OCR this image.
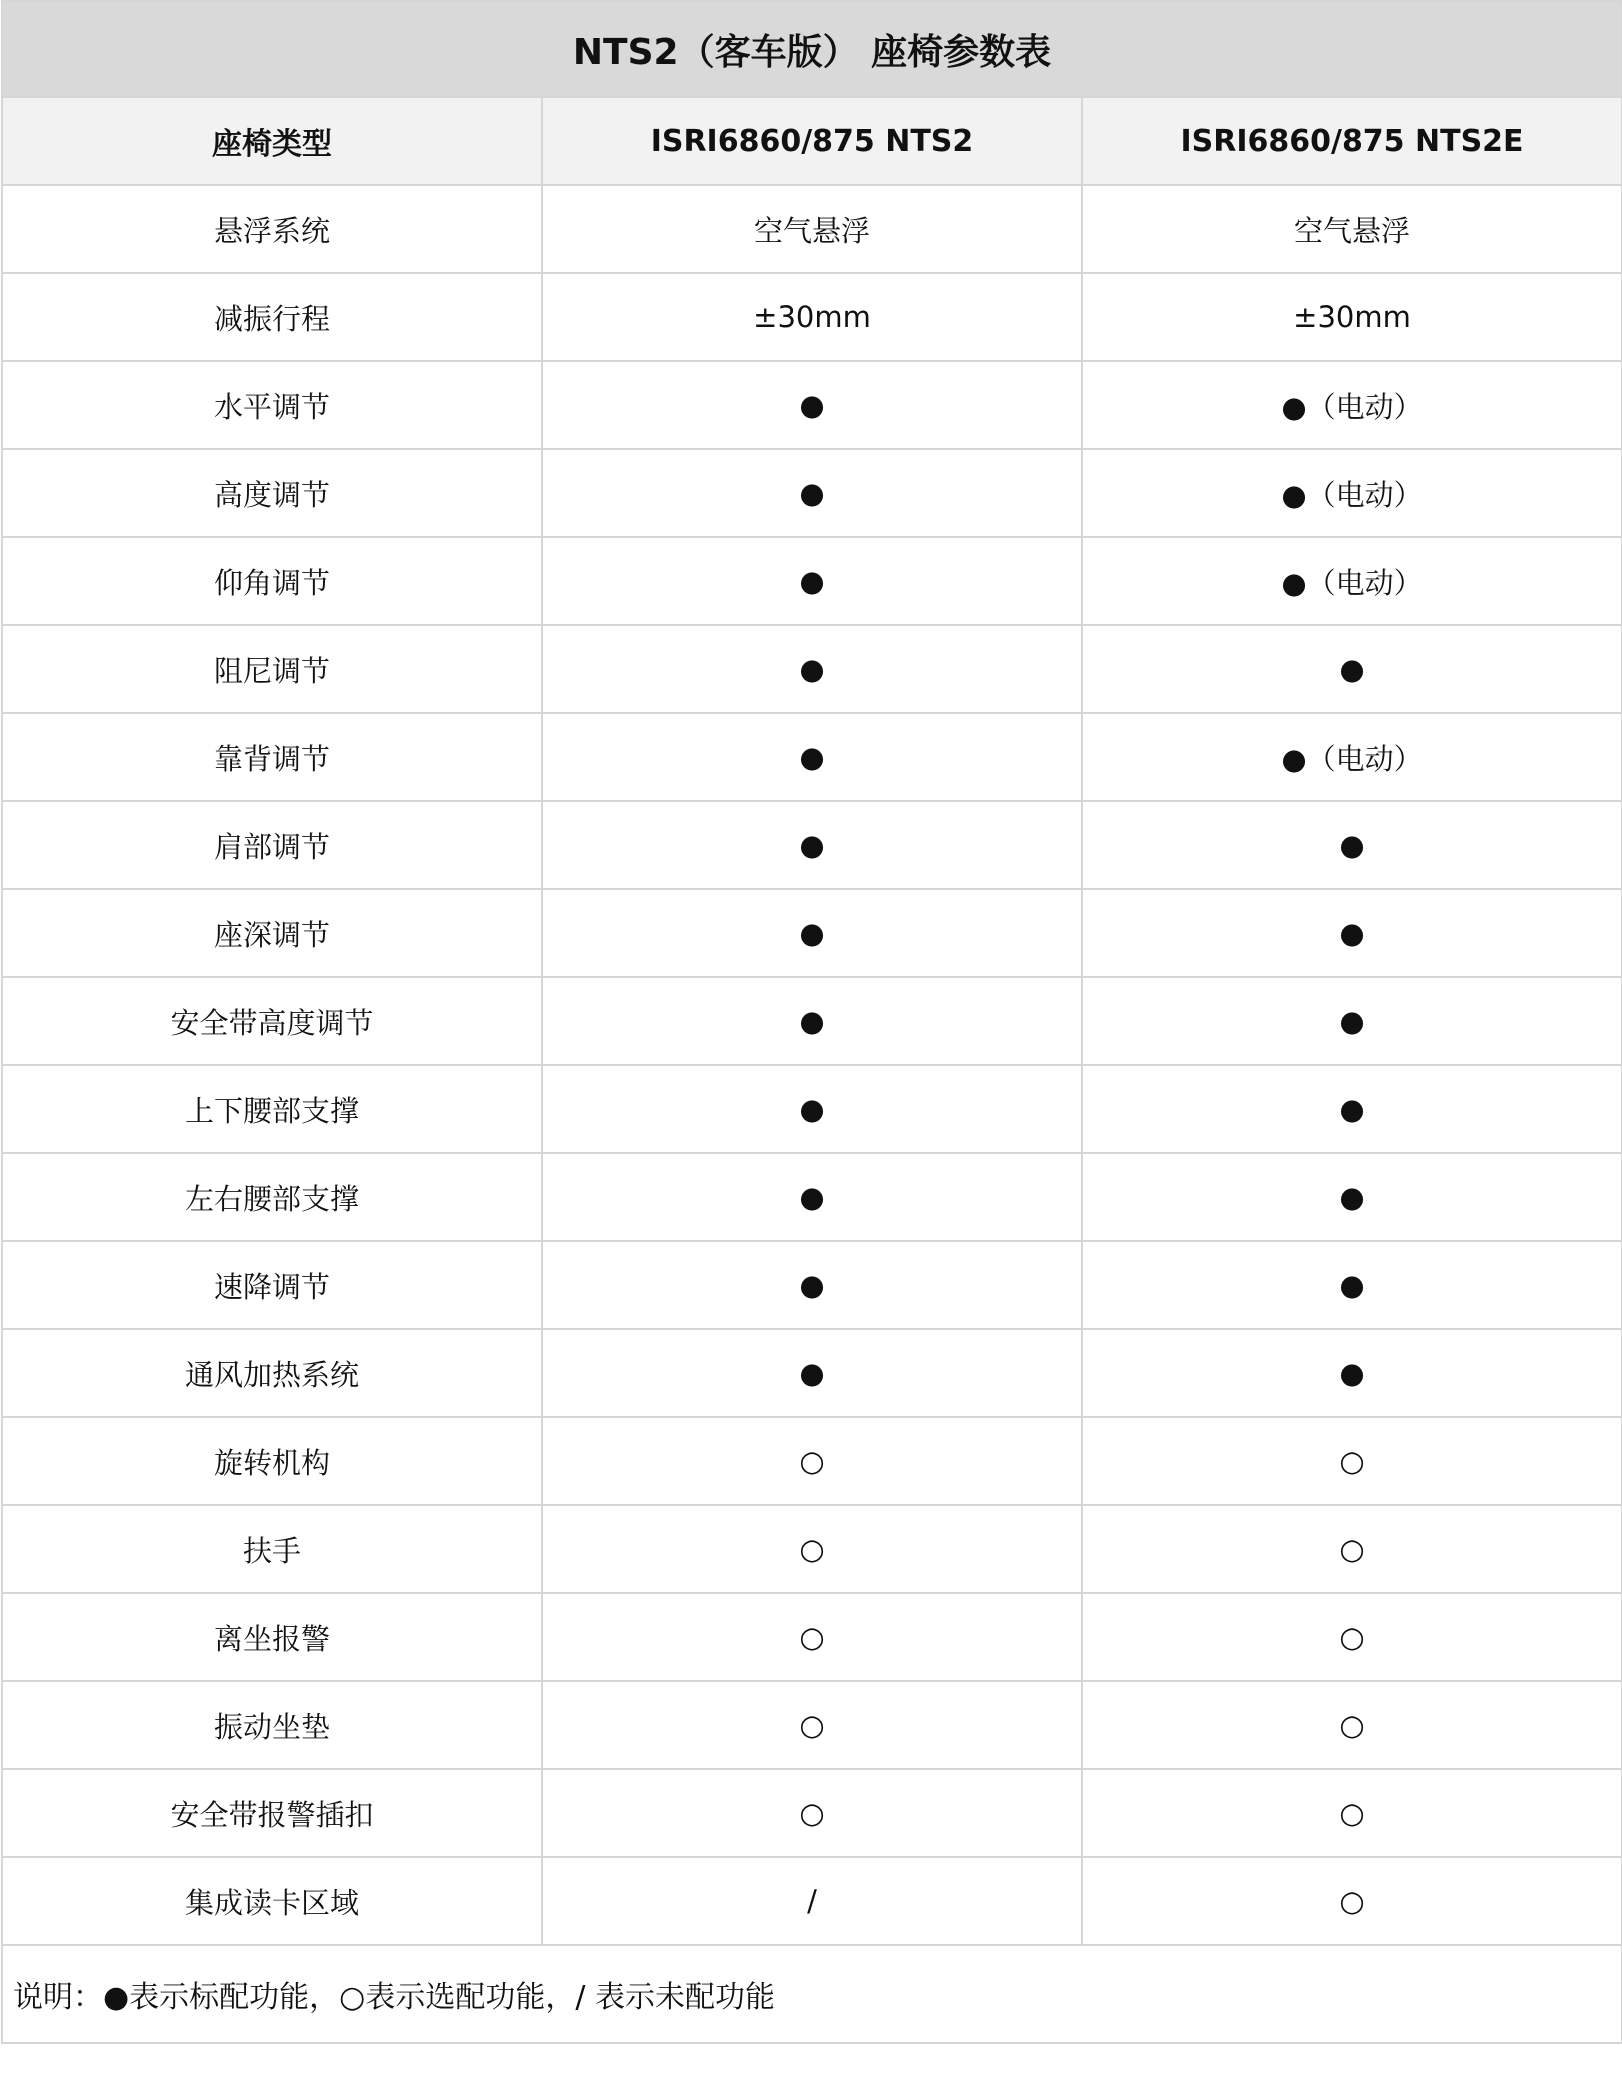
NTS2（客车版） 座椅参数表		
座椅类型	ISRI6860/875 NTS2	ISRI6860/875 NTS2E
悬浮系统	空气悬浮	空气悬浮
减振行程	±30mm	±30mm
水平调节	●	●（电动）
高度调节	●	●（电动）
仰角调节	●	●（电动）
阻尼调节	●	●
靠背调节	●	●（电动）
肩部调节	●	●
座深调节	●	●
安全带高度调节	●	●
上下腰部支撑	●	●
左右腰部支撑	●	●
速降调节	●	●
通风加热系统	●	●
旋转机构	○	○
扶手	○	○
离坐报警	○	○
振动坐垫	○	○
安全带报警插扣	○	○
集成读卡区域	/	○
说明：●表示标配功能，○表示选配功能，/ 表示未配功能		
